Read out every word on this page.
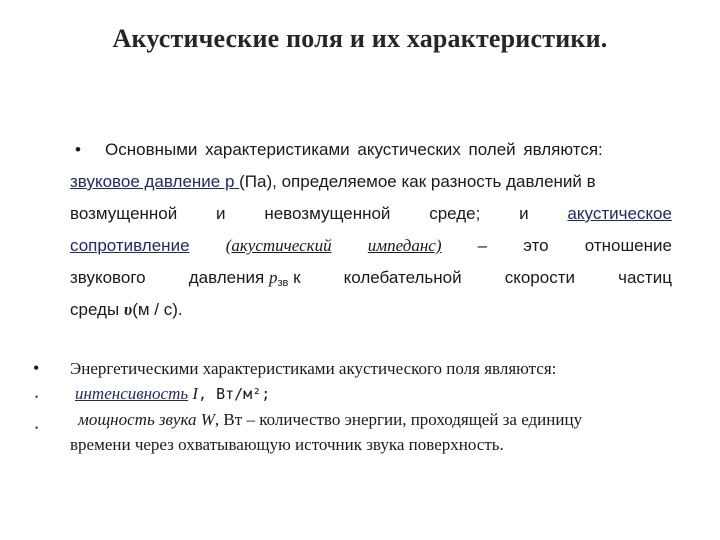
Акустические поля и их характеристики.
• Основными характеристиками акустических полей являются:
звуковое давление р (Па), определяемое как разность давлений в
возмущенной и невозмущенной среде; и акустическое
сопротивление (акустический импеданс) – это отношение
звукового	давления $p_{зв}$ к	колебательной	скорости	частиц
среды υ(м / с).
•
•
•
Энергетическими характеристиками акустического поля являются:
интенсивность I, Вт/м²;
мощность звука W, Вт – количество энергии, проходящей за единицу
времени через охватывающую источник звука поверхность.
